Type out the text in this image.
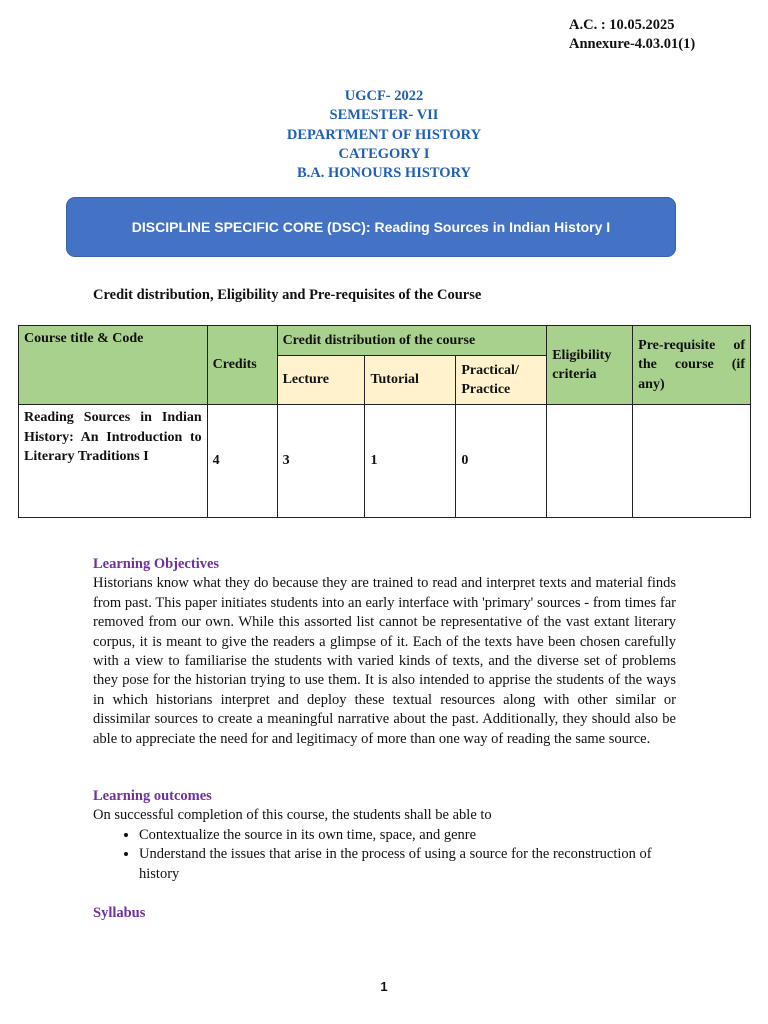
A.C. : 10.05.2025
Annexure-4.03.01(1)
UGCF- 2022
SEMESTER- VII
DEPARTMENT OF HISTORY
CATEGORY I
B.A. HONOURS HISTORY
DISCIPLINE SPECIFIC CORE (DSC): Reading Sources in Indian History I
Credit distribution, Eligibility and Pre-requisites of the Course
Course title & Code	Credits	Credit distribution of the course			Eligibility criteria	Pre-requisite of the course (if any)
		Lecture	Tutorial	Practical/ Practice		
Reading Sources in Indian History: An Introduction to Literary Traditions I	4	3	1	0		
Learning Objectives

Historians know what they do because they are trained to read and interpret texts and material finds from past. This paper initiates students into an early interface with 'primary' sources - from times far removed from our own. While this assorted list cannot be representative of the vast extant literary corpus, it is meant to give the readers a glimpse of it. Each of the texts have been chosen carefully with a view to familiarise the students with varied kinds of texts, and the diverse set of problems they pose for the historian trying to use them. It is also intended to apprise the students of the ways in which historians interpret and deploy these textual resources along with other similar or dissimilar sources to create a meaningful narrative about the past. Additionally, they should also be able to appreciate the need for and legitimacy of more than one way of reading the same source.

Learning outcomes
On successful completion of this course, the students shall be able to
• Contextualize the source in its own time, space, and genre
• Understand the issues that arise in the process of using a source for the reconstruction of history
Syllabus
1
